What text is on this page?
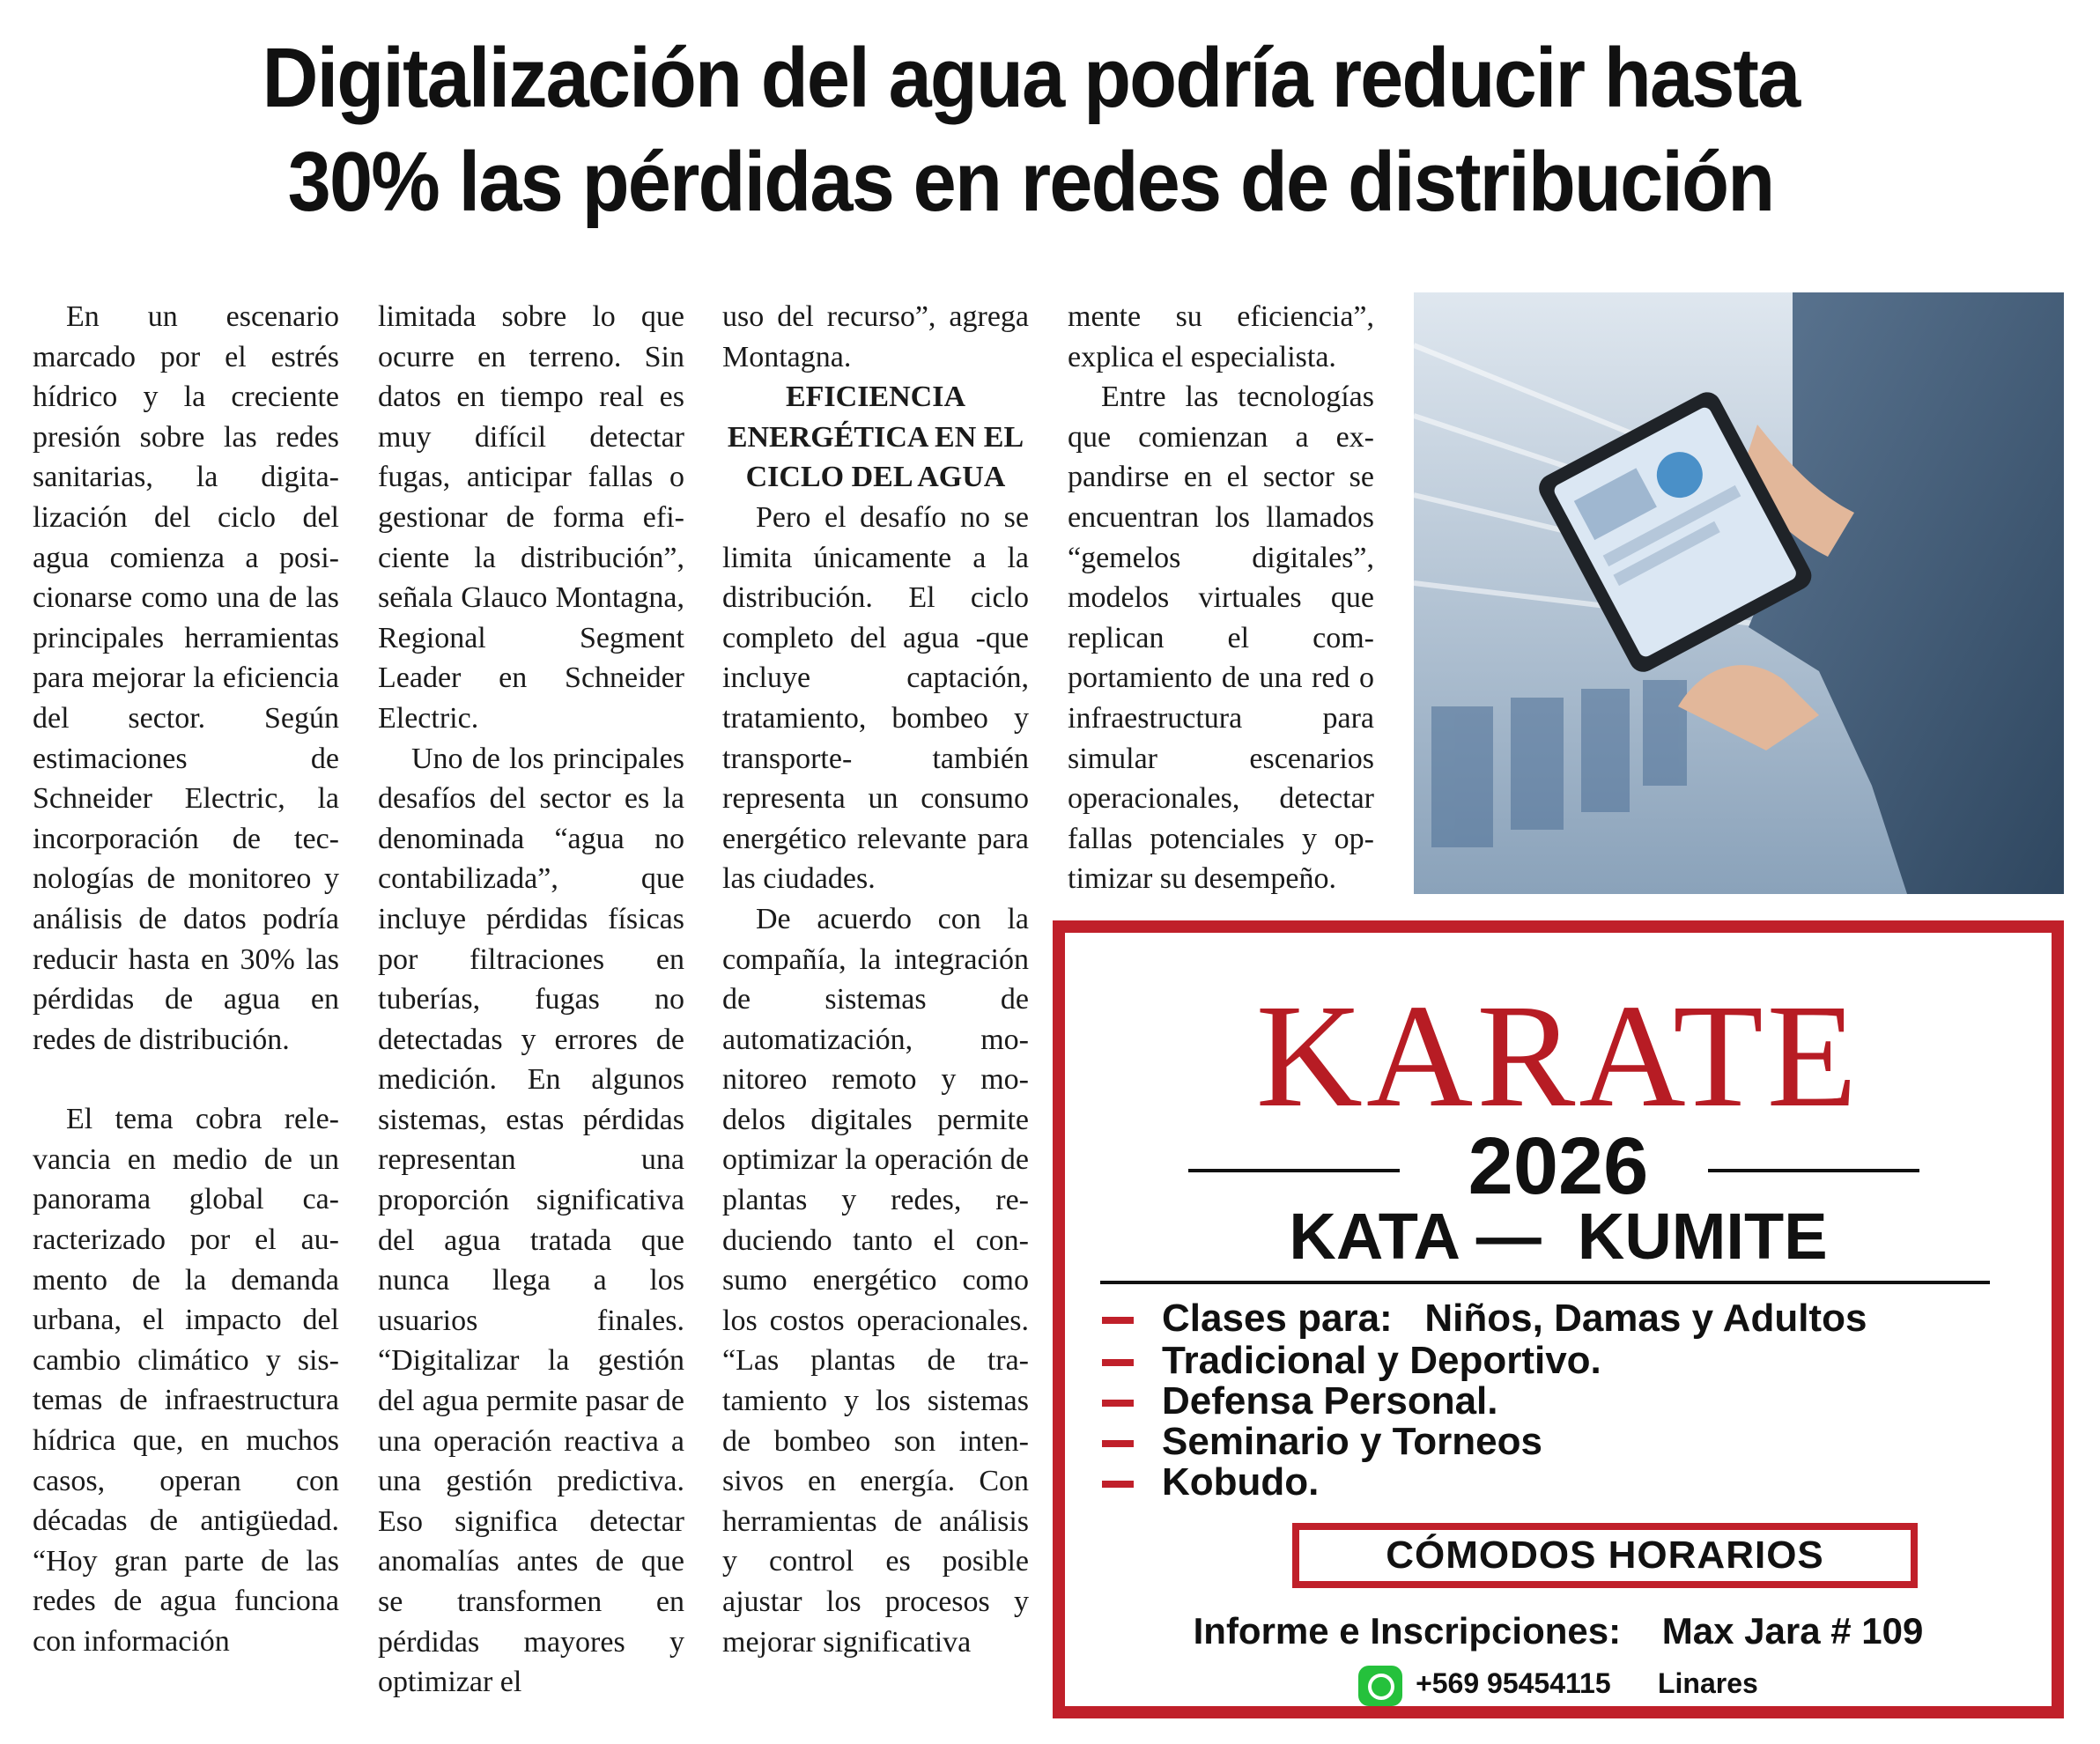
Digitalización del agua podría reducir hasta
30% las pérdidas en redes de distribución

En un escenario marcado por el estrés hídrico y la creciente presión sobre las redes sanitarias, la digitalización del ciclo del agua comienza a posicionarse como una de las principales herramientas para mejorar la eficiencia del sector. Según estimaciones de Schneider Electric, la incorporación de tecnologías de monitoreo y análisis de datos podría reducir hasta en 30% las pérdidas de agua en redes de distribución.

El tema cobra relevancia en medio de un panorama global caracterizado por el aumento de la demanda urbana, el impacto del cambio climático y sistemas de infraestructura hídrica que, en muchos casos, operan con décadas de antigüedad. “Hoy gran parte de las redes de agua funciona con información

limitada sobre lo que ocurre en terreno. Sin datos en tiempo real es muy difícil detectar fugas, anticipar fallas o gestionar de forma eficiente la distribución”, señala Glauco Montagna, Regional Segment Leader en Schneider Electric.

Uno de los principales desafíos del sector es la denominada “agua no contabilizada”, que incluye pérdidas físicas por filtraciones en tuberías, fugas no detectadas y errores de medición. En algunos sistemas, estas pérdidas representan una proporción significativa del agua tratada que nunca llega a los usuarios finales. “Digitalizar la gestión del agua permite pasar de una operación reactiva a una gestión predictiva. Eso significa detectar anomalías antes de que se transformen en pérdidas mayores y optimizar el

uso del recurso”, agrega Montagna.

EFICIENCIA ENERGÉTICA EN EL CICLO DEL AGUA

Pero el desafío no se limita únicamente a la distribución. El ciclo completo del agua -que incluye captación, tratamiento, bombeo y transporte- también representa un consumo energético relevante para las ciudades.

De acuerdo con la compañía, la integración de sistemas de automatización, monitoreo remoto y modelos digitales permite optimizar la operación de plantas y redes, reduciendo tanto el consumo energético como los costos operacionales. “Las plantas de tratamiento y los sistemas de bombeo son intensivos en energía. Con herramientas de análisis y control es posible ajustar los procesos y mejorar significativa

mente su eficiencia”, explica el especialista.

Entre las tecnologías que comienzan a expandirse en el sector se encuentran los llamados “gemelos digitales”, modelos virtuales que replican el comportamiento de una red o infraestructura para simular escenarios operacionales, detectar fallas potenciales y optimizar su desempeño.

KARATE
2026
KATA — KUMITE
Clases para: Niños, Damas y Adultos
Tradicional y Deportivo.
Defensa Personal.
Seminario y Torneos
Kobudo.
CÓMODOS HORARIOS
Informe e Inscripciones: Max Jara # 109
+569 95454115 Linares
